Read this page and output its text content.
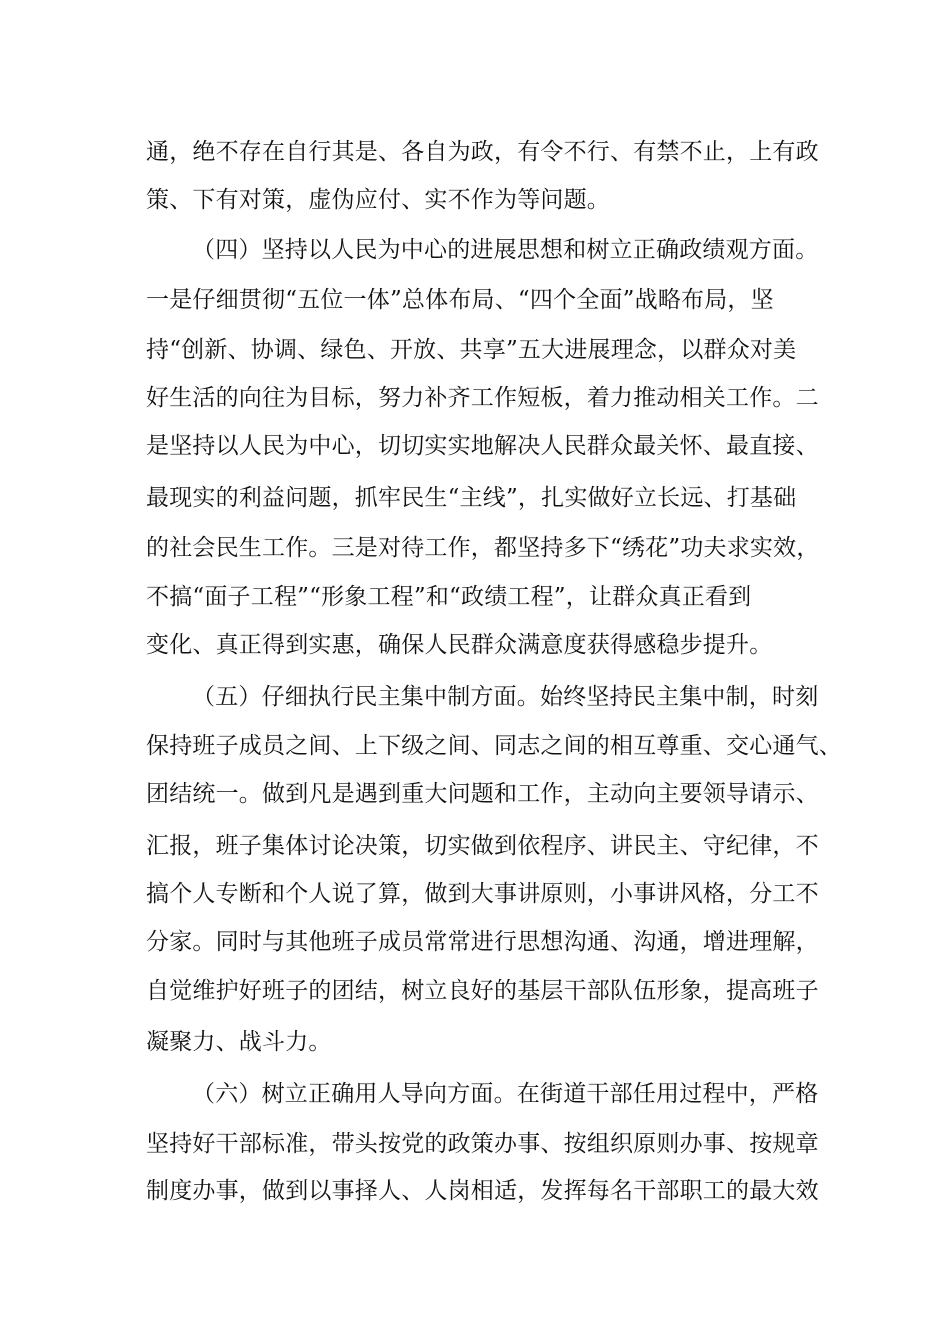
通，绝不存在自行其是、各自为政，有令不行、有禁不止，上有政
策、下有对策，虚伪应付、实不作为等问题。
（四）坚持以人民为中心的进展思想和树立正确政绩观方面。
一是仔细贯彻“五位一体”总体布局、“四个全面”战略布局，坚
持“创新、协调、绿色、开放、共享”五大进展理念，以群众对美
好生活的向往为目标，努力补齐工作短板，着力推动相关工作。二
是坚持以人民为中心，切切实实地解决人民群众最关怀、最直接、
最现实的利益问题，抓牢民生“主线”，扎实做好立长远、打基础
的社会民生工作。三是对待工作，都坚持多下“绣花”功夫求实效，
不搞“面子工程”“形象工程”和“政绩工程”，让群众真正看到
变化、真正得到实惠，确保人民群众满意度获得感稳步提升。
（五）仔细执行民主集中制方面。始终坚持民主集中制，时刻
保持班子成员之间、上下级之间、同志之间的相互尊重、交心通气、
团结统一。做到凡是遇到重大问题和工作，主动向主要领导请示、
汇报，班子集体讨论决策，切实做到依程序、讲民主、守纪律，不
搞个人专断和个人说了算，做到大事讲原则，小事讲风格，分工不
分家。同时与其他班子成员常常进行思想沟通、沟通，增进理解，
自觉维护好班子的团结，树立良好的基层干部队伍形象，提高班子
凝聚力、战斗力。
（六）树立正确用人导向方面。在街道干部任用过程中，严格
坚持好干部标准，带头按党的政策办事、按组织原则办事、按规章
制度办事，做到以事择人、人岗相适，发挥每名干部职工的最大效
